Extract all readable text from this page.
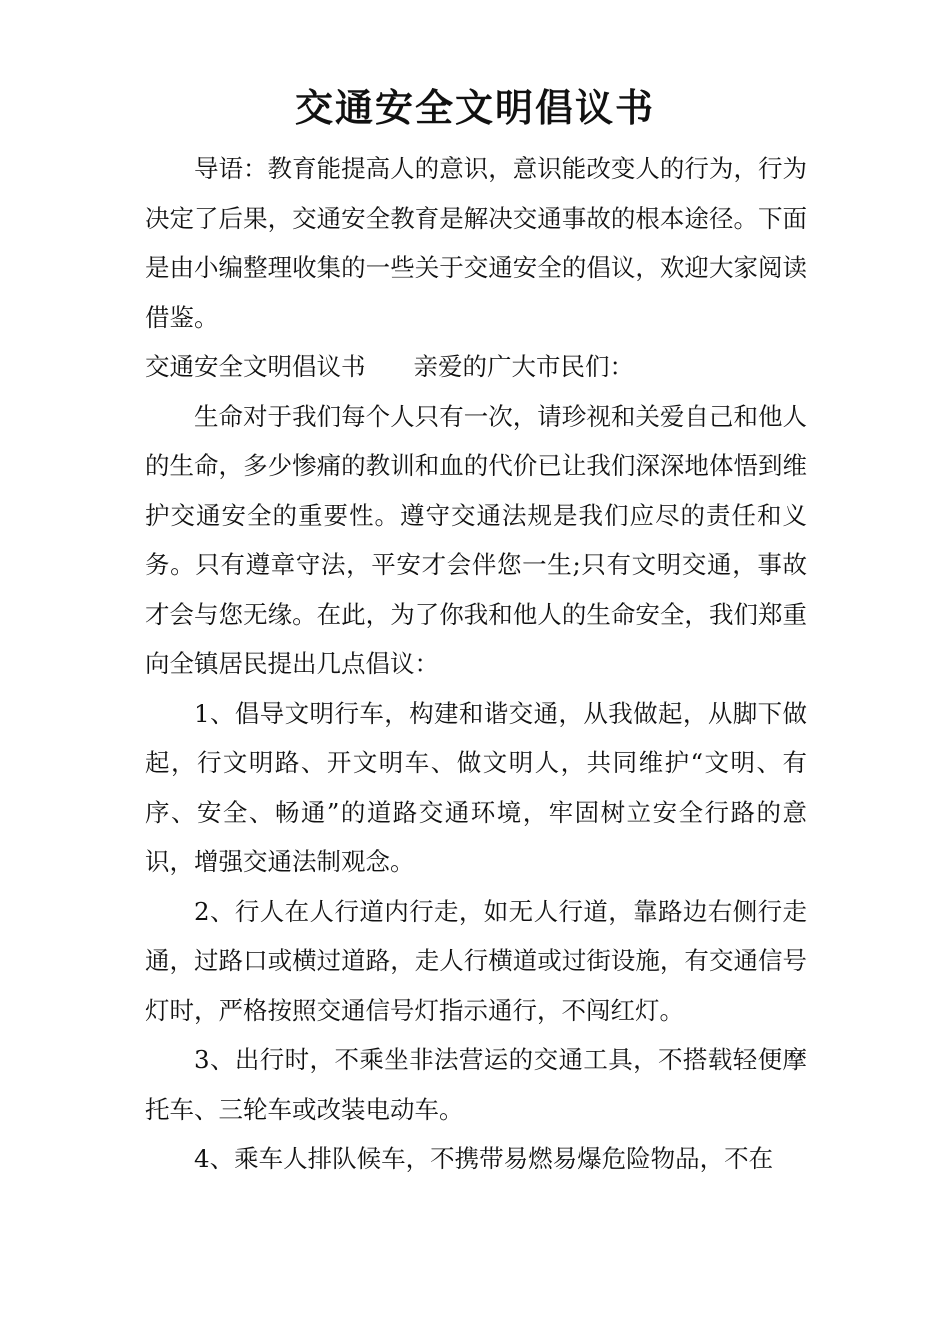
交通安全文明倡议书

导语：教育能提高人的意识，意识能改变人的行为，行为决定了后果，交通安全教育是解决交通事故的根本途径。下面是由小编整理收集的一些关于交通安全的倡议，欢迎大家阅读借鉴。

交通安全文明倡议书 亲爱的广大市民们：

生命对于我们每个人只有一次，请珍视和关爱自己和他人的生命，多少惨痛的教训和血的代价已让我们深深地体悟到维护交通安全的重要性。遵守交通法规是我们应尽的责任和义务。只有遵章守法，平安才会伴您一生;只有文明交通，事故才会与您无缘。在此，为了你我和他人的生命安全，我们郑重向全镇居民提出几点倡议：

1、倡导文明行车，构建和谐交通，从我做起，从脚下做起，行文明路、开文明车、做文明人，共同维护“文明、有序、安全、畅通”的道路交通环境，牢固树立安全行路的意识，增强交通法制观念。

2、行人在人行道内行走，如无人行道，靠路边右侧行走通，过路口或横过道路，走人行横道或过街设施，有交通信号灯时，严格按照交通信号灯指示通行，不闯红灯。

3、出行时，不乘坐非法营运的交通工具，不搭载轻便摩托车、三轮车或改装电动车。

4、乘车人排队候车，不携带易燃易爆危险物品，不在
